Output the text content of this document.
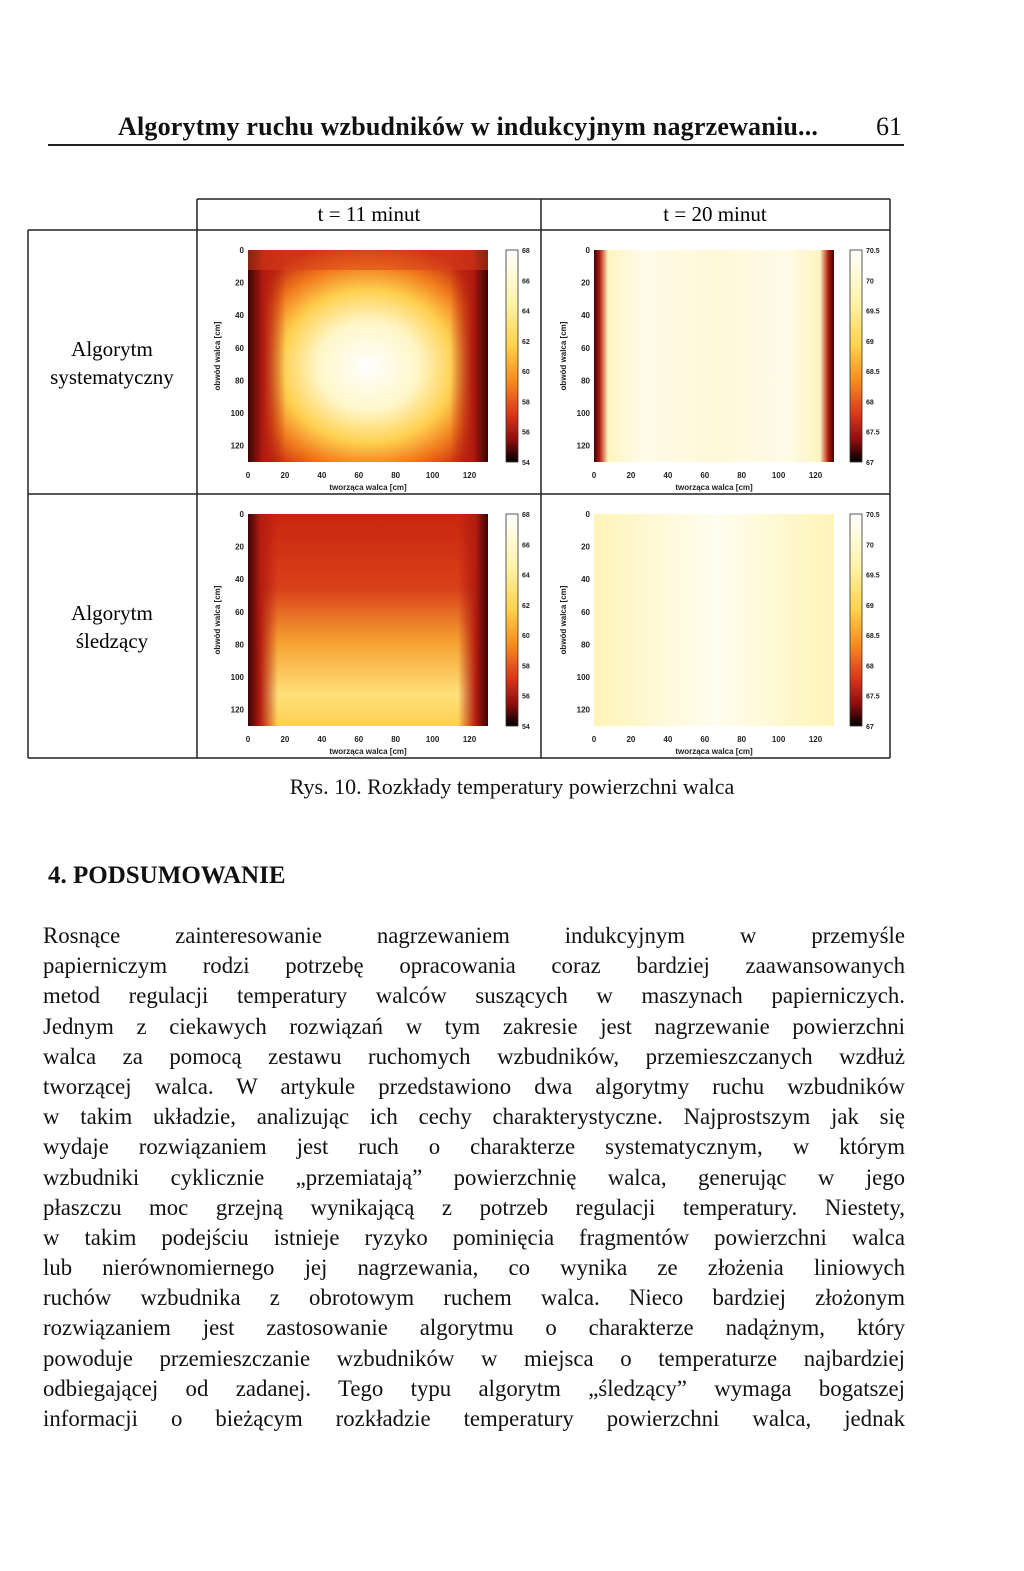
Algorytmy ruchu wzbudników w indukcyjnym nagrzewaniu... 61
t = 11 minut	t = 20 minut
Algorytm
systematyczny
Algorytm
śledzący
0	20	40	60	80	100	120
0
20
40
60
80
100
120
tworząca walca [cm]
obwód walca [cm]
68
66
64
62
60
58
56
54
0	20	40	60	80	100	120
0
20
40
60
80
100
120
tworząca walca [cm]
obwód walca [cm]
70.5
70
69.5
69
68.5
68
67.5
67
0	20	40	60	80	100	120
0
20
40
60
80
100
120
tworząca walca [cm]
obwód walca [cm]
68
66
64
62
60
58
56
54
0	20	40	60	80	100	120
0
20
40
60
80
100
120
tworząca walca [cm]
obwód walca [cm]
70.5
70
69.5
69
68.5
68
67.5
67
Rys. 10. Rozkłady temperatury powierzchni walca
4. PODSUMOWANIE
Rosnące zainteresowanie nagrzewaniem indukcyjnym w przemyśle
papierniczym rodzi potrzebę opracowania coraz bardziej zaawansowanych
metod regulacji temperatury walców suszących w maszynach papierniczych.
Jednym z ciekawych rozwiązań w tym zakresie jest nagrzewanie powierzchni
walca za pomocą zestawu ruchomych wzbudników, przemieszczanych wzdłuż
tworzącej walca. W artykule przedstawiono dwa algorytmy ruchu wzbudników
w takim układzie, analizując ich cechy charakterystyczne. Najprostszym jak się
wydaje rozwiązaniem jest ruch o charakterze systematycznym, w którym
wzbudniki cyklicznie „przemiatają” powierzchnię walca, generując w jego
płaszczu moc grzejną wynikającą z potrzeb regulacji temperatury. Niestety,
w takim podejściu istnieje ryzyko pominięcia fragmentów powierzchni walca
lub nierównomiernego jej nagrzewania, co wynika ze złożenia liniowych
ruchów wzbudnika z obrotowym ruchem walca. Nieco bardziej złożonym
rozwiązaniem jest zastosowanie algorytmu o charakterze nadążnym, który
powoduje przemieszczanie wzbudników w miejsca o temperaturze najbardziej
odbiegającej od zadanej. Tego typu algorytm „śledzący” wymaga bogatszej
informacji o bieżącym rozkładzie temperatury powierzchni walca, jednak
